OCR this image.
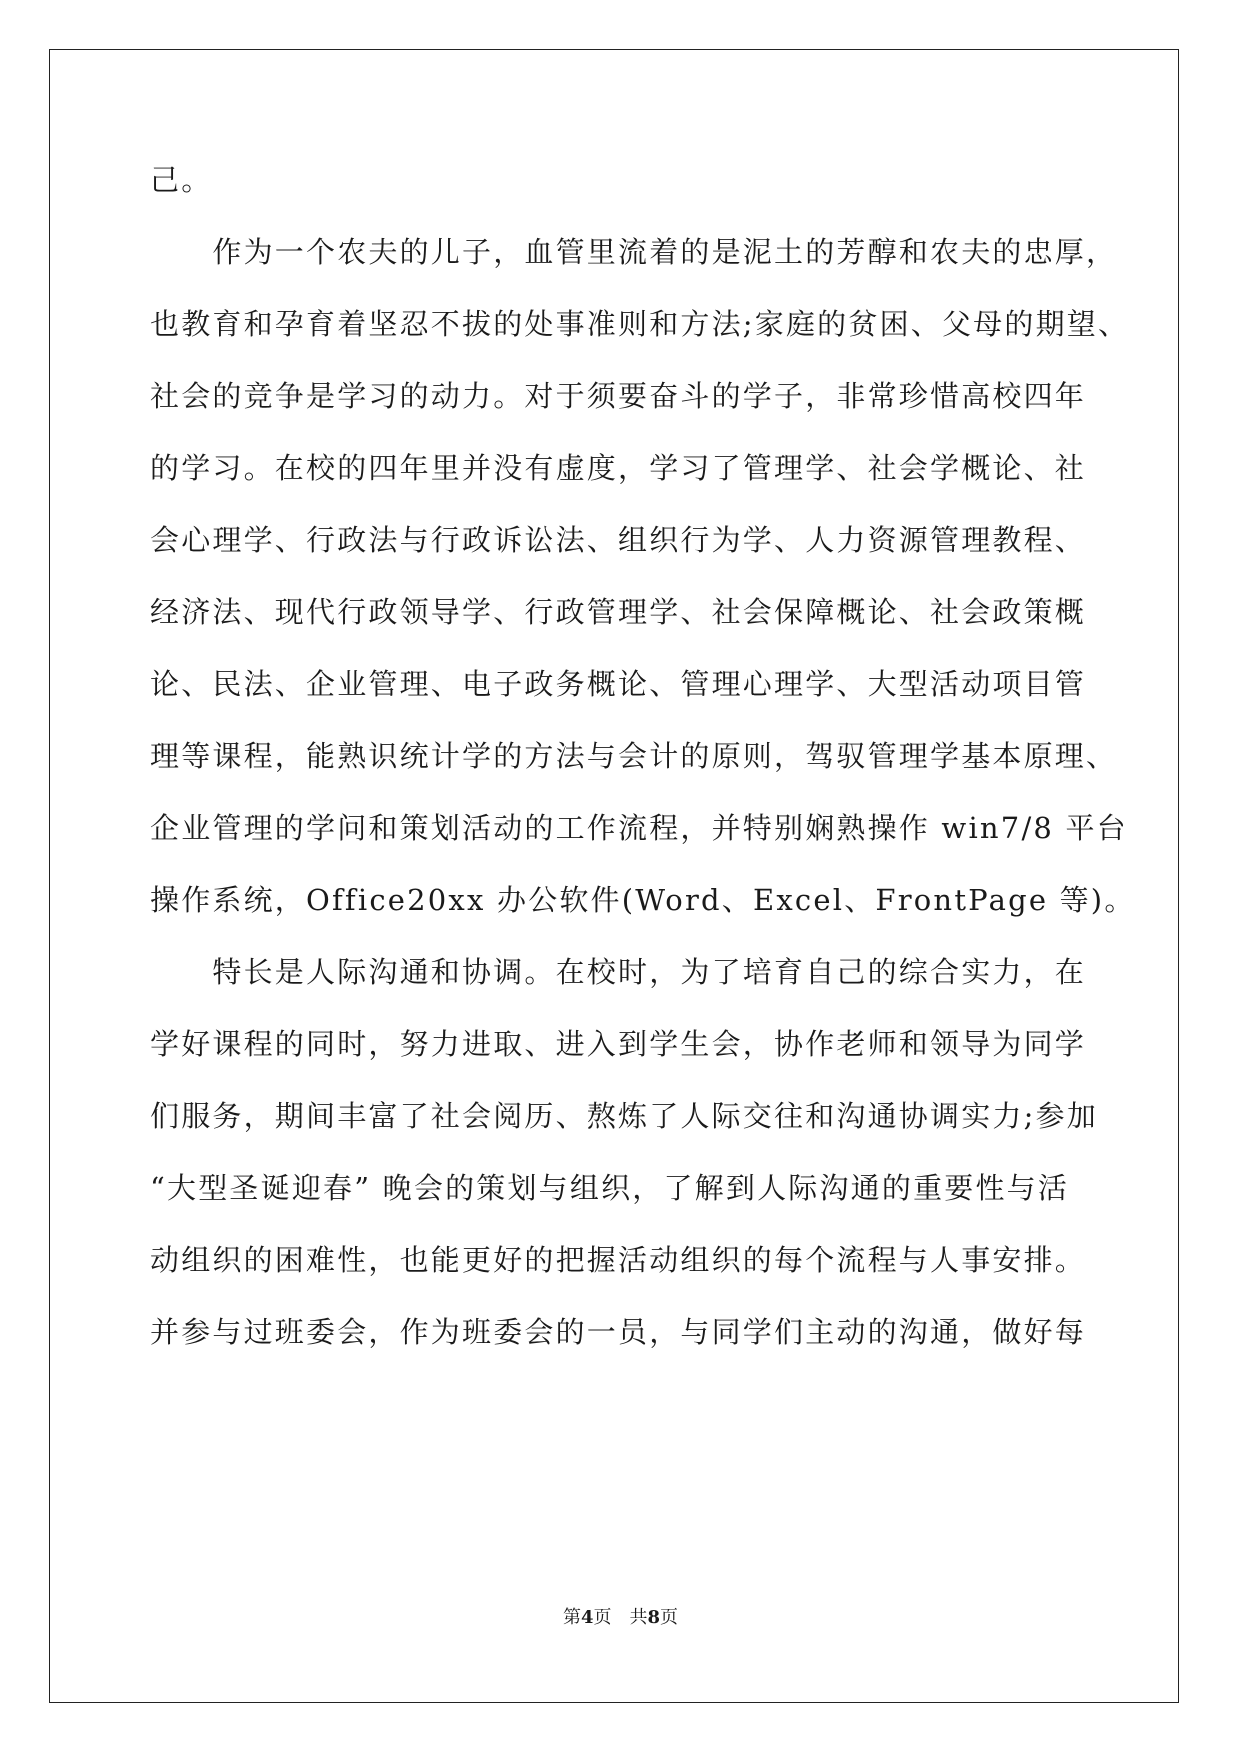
己。
　　作为一个农夫的儿子，血管里流着的是泥土的芳醇和农夫的忠厚，
也教育和孕育着坚忍不拔的处事准则和方法;家庭的贫困、父母的期望、
社会的竞争是学习的动力。对于须要奋斗的学子，非常珍惜高校四年
的学习。在校的四年里并没有虚度，学习了管理学、社会学概论、社
会心理学、行政法与行政诉讼法、组织行为学、人力资源管理教程、
经济法、现代行政领导学、行政管理学、社会保障概论、社会政策概
论、民法、企业管理、电子政务概论、管理心理学、大型活动项目管
理等课程，能熟识统计学的方法与会计的原则，驾驭管理学基本原理、
企业管理的学问和策划活动的工作流程，并特别娴熟操作 win7/8 平台
操作系统，Office20xx 办公软件(Word、Excel、FrontPage 等)。
　　特长是人际沟通和协调。在校时，为了培育自己的综合实力，在
学好课程的同时，努力进取、进入到学生会，协作老师和领导为同学
们服务，期间丰富了社会阅历、熬炼了人际交往和沟通协调实力;参加
“大型圣诞迎春” 晚会的策划与组织，了解到人际沟通的重要性与活
动组织的困难性，也能更好的把握活动组织的每个流程与人事安排。
并参与过班委会，作为班委会的一员，与同学们主动的沟通，做好每
第4页　共8页
